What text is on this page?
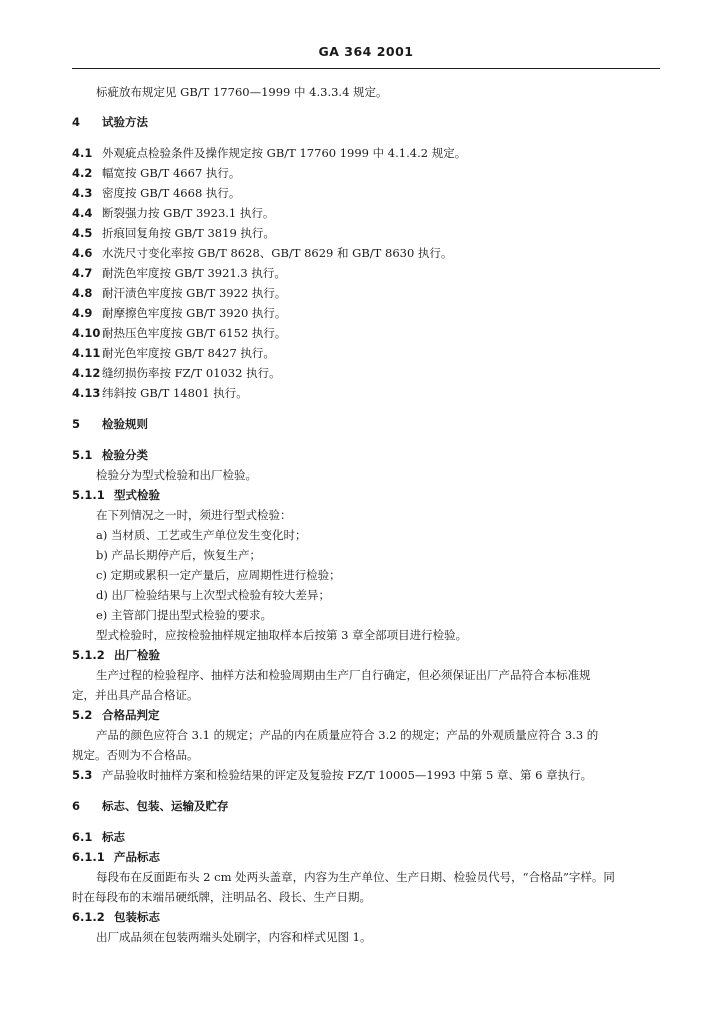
GA 364 2001
标疵放布规定见 GB/T 17760—1999 中 4.3.3.4 规定。
4 试验方法
4.1 外观疵点检验条件及操作规定按 GB/T 17760 1999 中 4.1.4.2 规定。
4.2 幅宽按 GB/T 4667 执行。
4.3 密度按 GB/T 4668 执行。
4.4 断裂强力按 GB/T 3923.1 执行。
4.5 折痕回复角按 GB/T 3819 执行。
4.6 水洗尺寸变化率按 GB/T 8628、GB/T 8629 和 GB/T 8630 执行。
4.7 耐洗色牢度按 GB/T 3921.3 执行。
4.8 耐汗渍色牢度按 GB/T 3922 执行。
4.9 耐摩擦色牢度按 GB/T 3920 执行。
4.10 耐热压色牢度按 GB/T 6152 执行。
4.11 耐光色牢度按 GB/T 8427 执行。
4.12 缝纫损伤率按 FZ/T 01032 执行。
4.13 纬斜按 GB/T 14801 执行。
5 检验规则
5.1 检验分类
检验分为型式检验和出厂检验。
5.1.1 型式检验
在下列情况之一时，须进行型式检验：
a) 当材质、工艺或生产单位发生变化时；
b) 产品长期停产后，恢复生产；
c) 定期或累积一定产量后，应周期性进行检验；
d) 出厂检验结果与上次型式检验有较大差异；
e) 主管部门提出型式检验的要求。
型式检验时，应按检验抽样规定抽取样本后按第 3 章全部项目进行检验。
5.1.2 出厂检验
生产过程的检验程序、抽样方法和检验周期由生产厂自行确定，但必须保证出厂产品符合本标准规
定，并出具产品合格证。
5.2 合格品判定
产品的颜色应符合 3.1 的规定；产品的内在质量应符合 3.2 的规定；产品的外观质量应符合 3.3 的
规定。否则为不合格品。
5.3 产品验收时抽样方案和检验结果的评定及复验按 FZ/T 10005—1993 中第 5 章、第 6 章执行。
6 标志、包装、运输及贮存
6.1 标志
6.1.1 产品标志
每段布在反面距布头 2 cm 处两头盖章，内容为生产单位、生产日期、检验员代号，“合格品”字样。同
时在每段布的末端吊硬纸牌，注明品名、段长、生产日期。
6.1.2 包装标志
出厂成品须在包装两端头处刷字，内容和样式见图 1。
